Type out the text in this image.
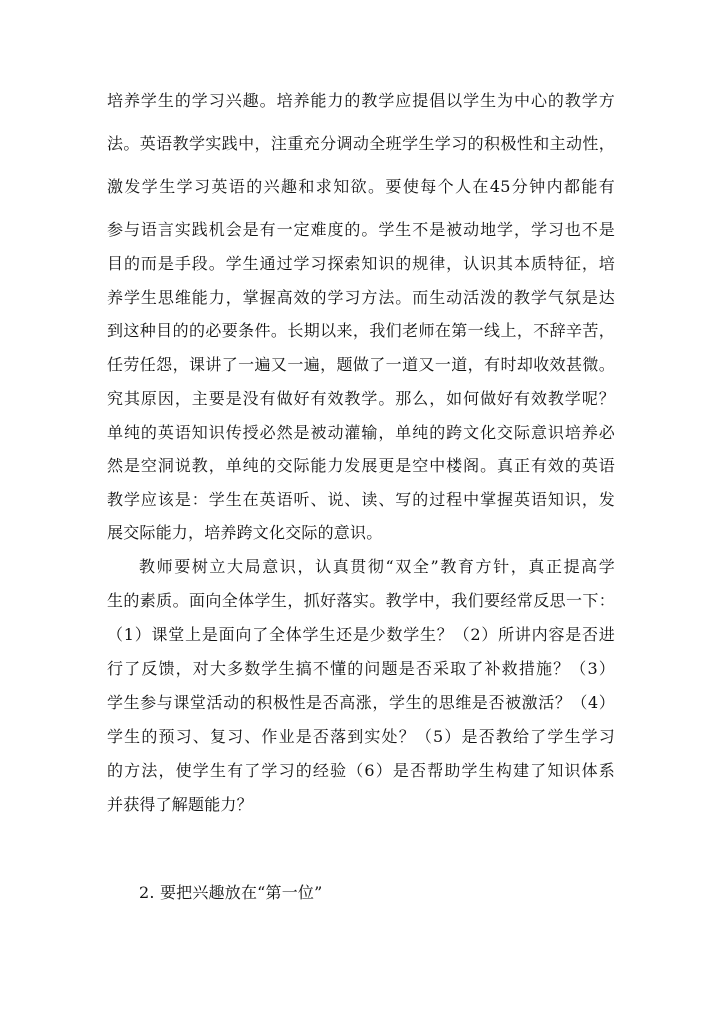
培养学生的学习兴趣。培养能力的教学应提倡以学生为中心的教学方
法。英语教学实践中，注重充分调动全班学生学习的积极性和主动性，
激发学生学习英语的兴趣和求知欲。要使每个人在45分钟内都能有
参与语言实践机会是有一定难度的。学生不是被动地学，学习也不是
目的而是手段。学生通过学习探索知识的规律，认识其本质特征，培
养学生思维能力，掌握高效的学习方法。而生动活泼的教学气氛是达
到这种目的的必要条件。长期以来，我们老师在第一线上，不辞辛苦，
任劳任怨，课讲了一遍又一遍，题做了一道又一道，有时却收效甚微。
究其原因，主要是没有做好有效教学。那么，如何做好有效教学呢？
单纯的英语知识传授必然是被动灌输，单纯的跨文化交际意识培养必
然是空洞说教，单纯的交际能力发展更是空中楼阁。真正有效的英语
教学应该是：学生在英语听、说、读、写的过程中掌握英语知识，发
展交际能力，培养跨文化交际的意识。
教师要树立大局意识，认真贯彻“双全”教育方针，真正提高学
生的素质。面向全体学生，抓好落实。教学中，我们要经常反思一下：
（1）课堂上是面向了全体学生还是少数学生？（2）所讲内容是否进
行了反馈，对大多数学生搞不懂的问题是否采取了补救措施？（3）
学生参与课堂活动的积极性是否高涨，学生的思维是否被激活？（4）
学生的预习、复习、作业是否落到实处？（5）是否教给了学生学习
的方法，使学生有了学习的经验（6）是否帮助学生构建了知识体系
并获得了解题能力？
2. 要把兴趣放在“第一位”
